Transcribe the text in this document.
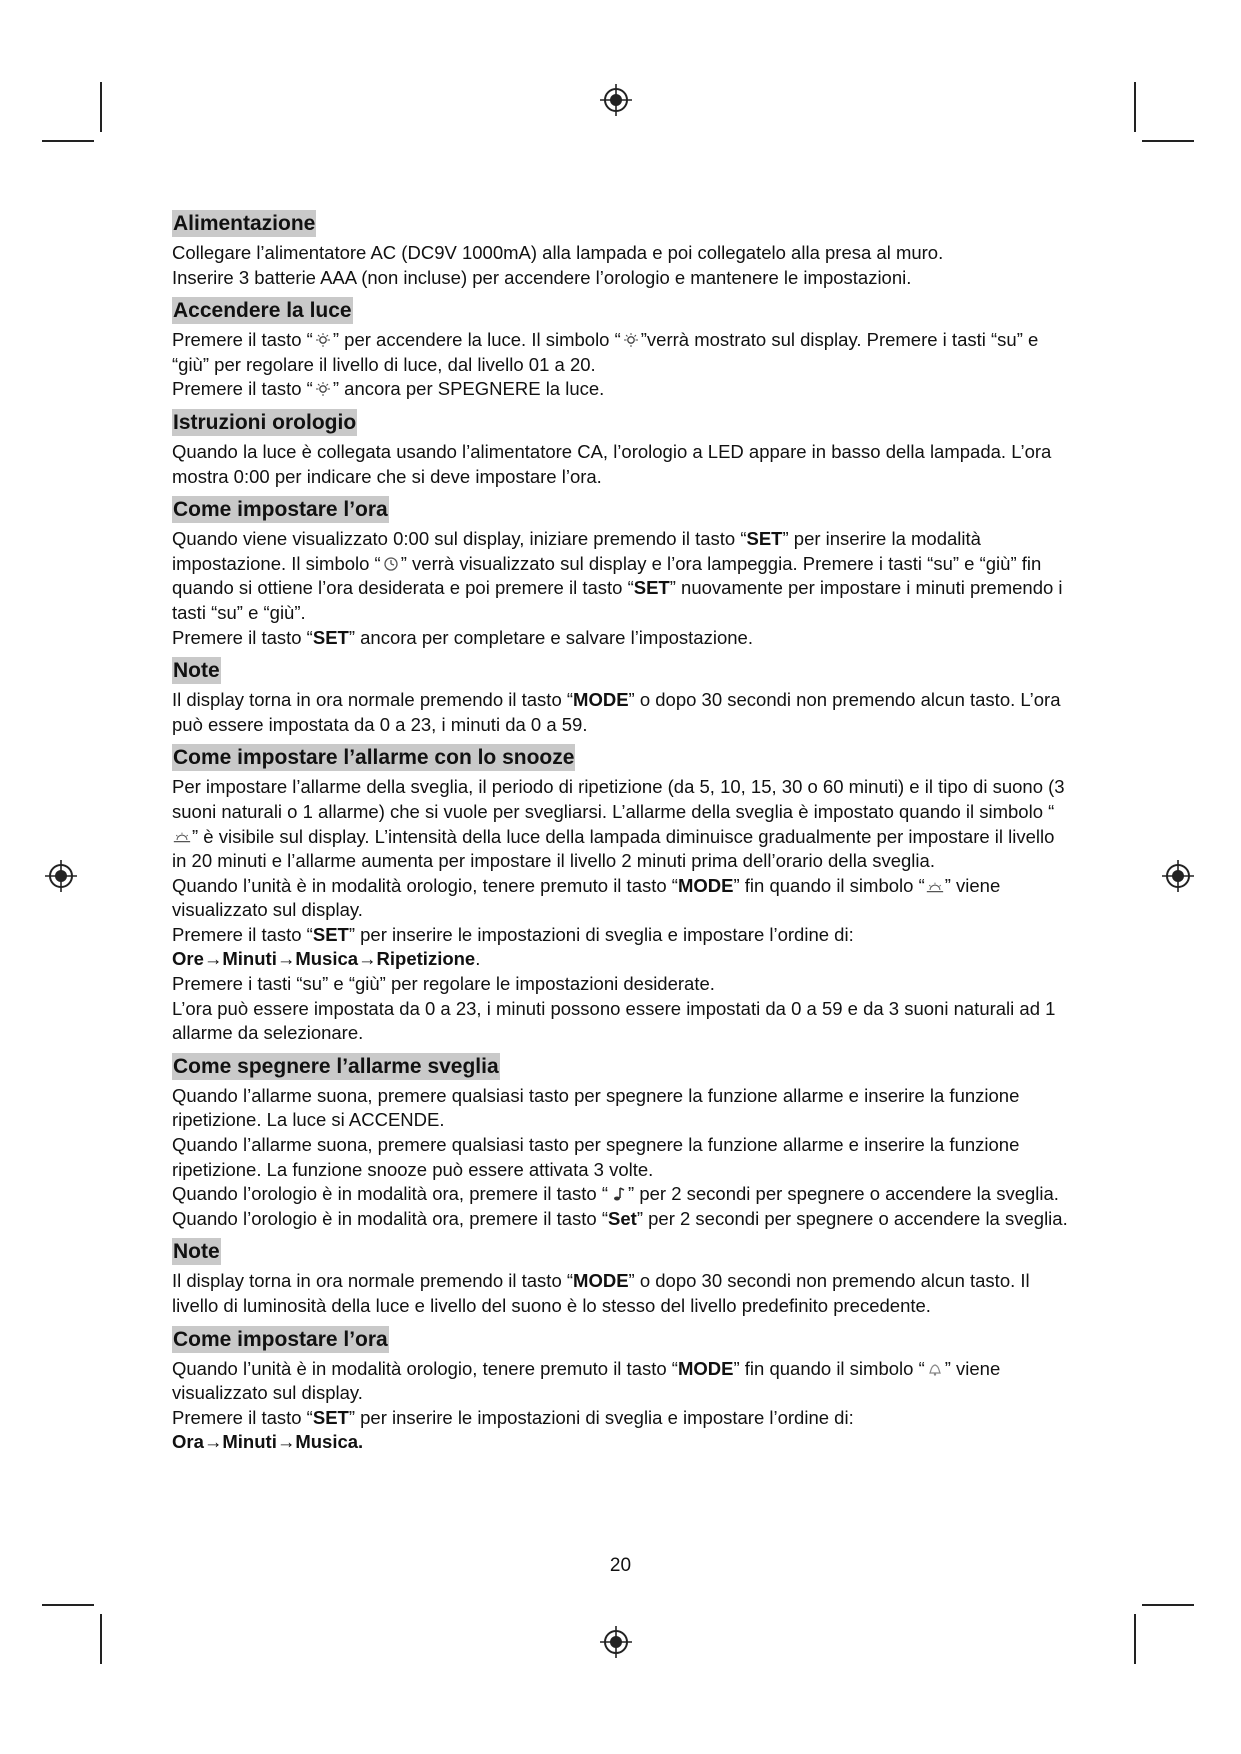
Alimentazione

Collegare l’alimentatore AC (DC9V 1000mA) alla lampada e poi collegatelo alla presa al muro.

Inserire 3 batterie AAA (non incluse) per accendere l’orologio e mantenere le impostazioni.

Accendere la luce

Premere il tasto “ ” per accendere la luce. Il simbolo “ ”verrà mostrato sul display. Premere i tasti “su” e “giù” per regolare il livello di luce, dal livello 01 a 20.

Premere il tasto “ ” ancora per SPEGNERE la luce.

Istruzioni orologio

Quando la luce è collegata usando l’alimentatore CA, l’orologio a LED appare in basso della lampada. L’ora mostra 0:00 per indicare che si deve impostare l’ora.

Come impostare l’ora

Quando viene visualizzato 0:00 sul display, iniziare premendo il tasto “SET” per inserire la modalità impostazione. Il simbolo “ ” verrà visualizzato sul display e l’ora lampeggia. Premere i tasti “su” e “giù” fin quando si ottiene l’ora desiderata e poi premere il tasto “SET” nuovamente per impostare i minuti premendo i tasti “su” e “giù”.

Premere il tasto “SET” ancora per completare e salvare l’impostazione.

Note

Il display torna in ora normale premendo il tasto “MODE” o dopo 30 secondi non premendo alcun tasto. L’ora può essere impostata da 0 a 23, i minuti da 0 a 59.

Come impostare l’allarme con lo snooze

Per impostare l’allarme della sveglia, il periodo di ripetizione (da 5, 10, 15, 30 o 60 minuti) e il tipo di suono (3 suoni naturali o 1 allarme) che si vuole per svegliarsi. L’allarme della sveglia è impostato quando il simbolo “” è visibile sul display. L’intensità della luce della lampada diminuisce gradualmente per impostare il livello in 20 minuti e l’allarme aumenta per impostare il livello 2 minuti prima dell’orario della sveglia.

Quando l’unità è in modalità orologio, tenere premuto il tasto “MODE” fin quando il simbolo “ ” viene visualizzato sul display.

Premere il tasto “SET” per inserire le impostazioni di sveglia e impostare l’ordine di:

Ore→Minuti→Musica→Ripetizione.

Premere i tasti “su” e “giù” per regolare le impostazioni desiderate.

L’ora può essere impostata da 0 a 23, i minuti possono essere impostati da 0 a 59 e da 3 suoni naturali ad 1 allarme da selezionare.

Come spegnere l’allarme sveglia

Quando l’allarme suona, premere qualsiasi tasto per spegnere la funzione allarme e inserire la funzione ripetizione. La luce si ACCENDE.

Quando l’allarme suona, premere qualsiasi tasto per spegnere la funzione allarme e inserire la funzione ripetizione. La funzione snooze può essere attivata 3 volte.

Quando l’orologio è in modalità ora, premere il tasto “ ” per 2 secondi per spegnere o accendere la sveglia.

Quando l’orologio è in modalità ora, premere il tasto “Set” per 2 secondi per spegnere o accendere la sveglia.

Note

Il display torna in ora normale premendo il tasto “MODE” o dopo 30 secondi non premendo alcun tasto. Il livello di luminosità della luce e livello del suono è lo stesso del livello predefinito precedente.

Come impostare l’ora

Quando l’unità è in modalità orologio, tenere premuto il tasto “MODE” fin quando il simbolo “ ” viene visualizzato sul display.

Premere il tasto “SET” per inserire le impostazioni di sveglia e impostare l’ordine di:

Ora→Minuti→Musica.

20
